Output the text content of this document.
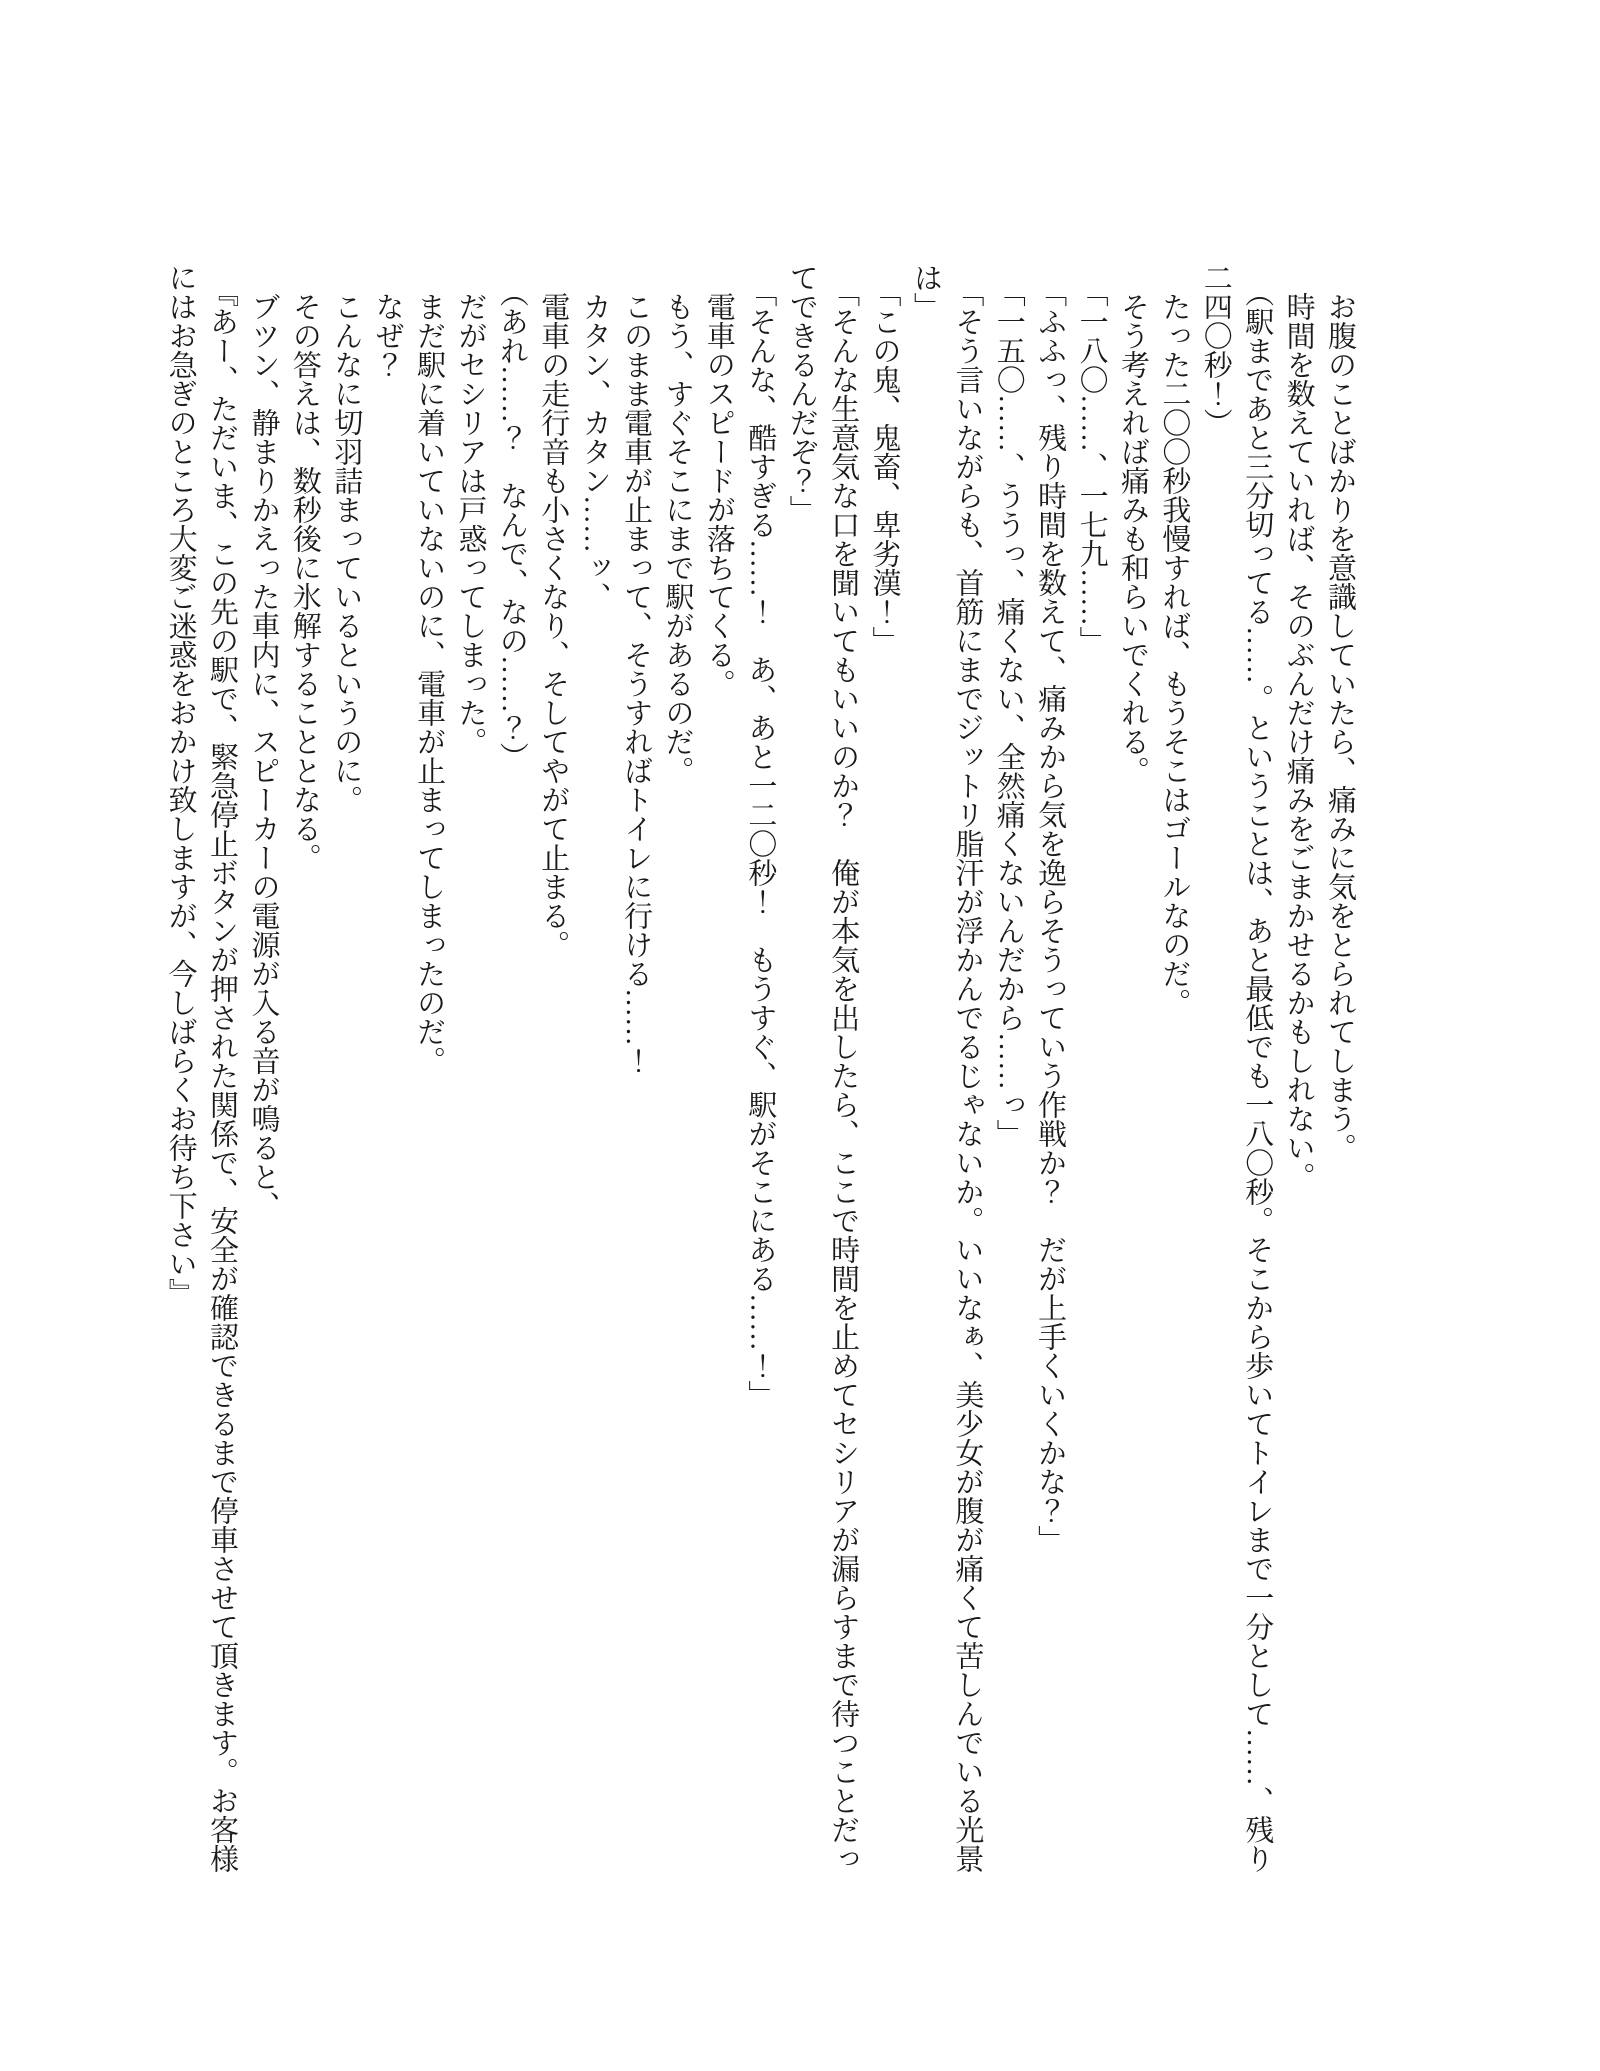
お腹のことばかりを意識していたら、痛みに気をとられてしまう。

時間を数えていれば、そのぶんだけ痛みをごまかせるかもしれない。

（駅まであと三分切ってる……。ということは、あと最低でも一八〇秒。そこから歩いてトイレまで一分として……、残り

二四〇秒！）

たった二〇〇秒我慢すれば、もうそこはゴールなのだ。

そう考えれば痛みも和らいでくれる。

「一八〇……、一七九……」

「ふふっ、残り時間を数えて、痛みから気を逸らそうっていう作戦か？　だが上手くいくかな？」

「一五〇……、ううっ、痛くない、全然痛くないんだから……っ」

「そう言いながらも、首筋にまでジットリ脂汗が浮かんでるじゃないか。いいなぁ、美少女が腹が痛くて苦しんでいる光景

は」

「この鬼、鬼畜、卑劣漢！」

「そんな生意気な口を聞いてもいいのか？　俺が本気を出したら、ここで時間を止めてセシリアが漏らすまで待つことだっ

てできるんだぞ？」

「そんな、酷すぎる……！　あ、あと一二〇秒！　もうすぐ、駅がそこにある……！」

電車のスピードが落ちてくる。

もう、すぐそこにまで駅があるのだ。

このまま電車が止まって、そうすればトイレに行ける……！

カタン、カタン……ッ、

電車の走行音も小さくなり、そしてやがて止まる。

（あれ……？　なんで、なの……？）

だがセシリアは戸惑ってしまった。

まだ駅に着いていないのに、電車が止まってしまったのだ。

なぜ？

こんなに切羽詰まっているというのに。

その答えは、数秒後に氷解することとなる。

ブツン、静まりかえった車内に、スピーカーの電源が入る音が鳴ると、

『あー、ただいま、この先の駅で、緊急停止ボタンが押された関係で、安全が確認できるまで停車させて頂きます。お客様

にはお急ぎのところ大変ご迷惑をおかけ致しますが、今しばらくお待ち下さい』
